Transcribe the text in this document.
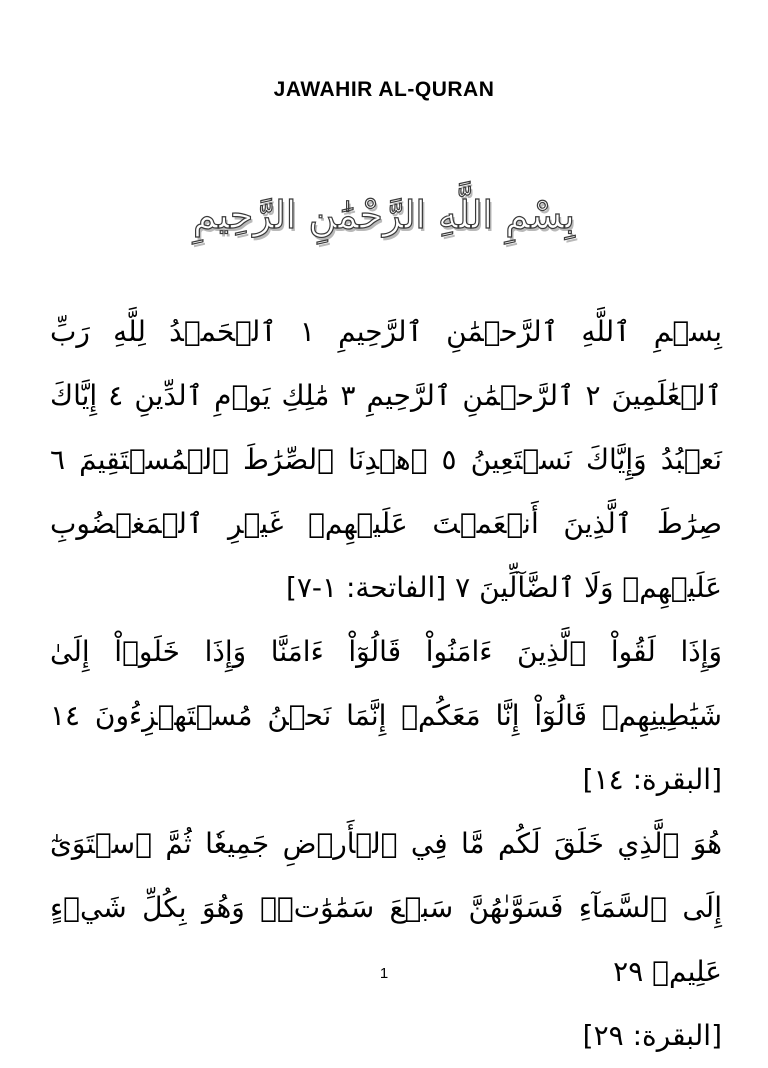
JAWAHIR AL-QURAN
بِسْمِ اللَّهِ الرَّحْمَٰنِ الرَّحِيمِ

بِسۡمِ ٱللَّهِ ٱلرَّحۡمَٰنِ ٱلرَّحِيمِ ١ ٱلۡحَمۡدُ لِلَّهِ رَبِّ ٱلۡعَٰلَمِينَ ٢ ٱلرَّحۡمَٰنِ ٱلرَّحِيمِ ٣ مَٰلِكِ يَوۡمِ ٱلدِّينِ ٤ إِيَّاكَ نَعۡبُدُ وَإِيَّاكَ نَسۡتَعِينُ ٥ ٱهۡدِنَا ٱلصِّرَٰطَ ٱلۡمُسۡتَقِيمَ ٦ صِرَٰطَ ٱلَّذِينَ أَنۡعَمۡتَ عَلَيۡهِمۡ غَيۡرِ ٱلۡمَغۡضُوبِ عَلَيۡهِمۡ وَلَا ٱلضَّآلِّينَ ٧ [الفاتحة: ١-٧]

وَإِذَا لَقُواْ ٱلَّذِينَ ءَامَنُواْ قَالُوٓاْ ءَامَنَّا وَإِذَا خَلَوۡاْ إِلَىٰ شَيَٰطِينِهِمۡ قَالُوٓاْ إِنَّا مَعَكُمۡ إِنَّمَا نَحۡنُ مُسۡتَهۡزِءُونَ ١٤ [البقرة: ١٤]

هُوَ ٱلَّذِي خَلَقَ لَكُم مَّا فِي ٱلۡأَرۡضِ جَمِيعٗا ثُمَّ ٱسۡتَوَىٰٓ إِلَى ٱلسَّمَآءِ فَسَوَّىٰهُنَّ سَبۡعَ سَمَٰوَٰتٖۚ وَهُوَ بِكُلِّ شَيۡءٍ عَلِيمٞ ٢٩
[البقرة: ٢٩]

1
